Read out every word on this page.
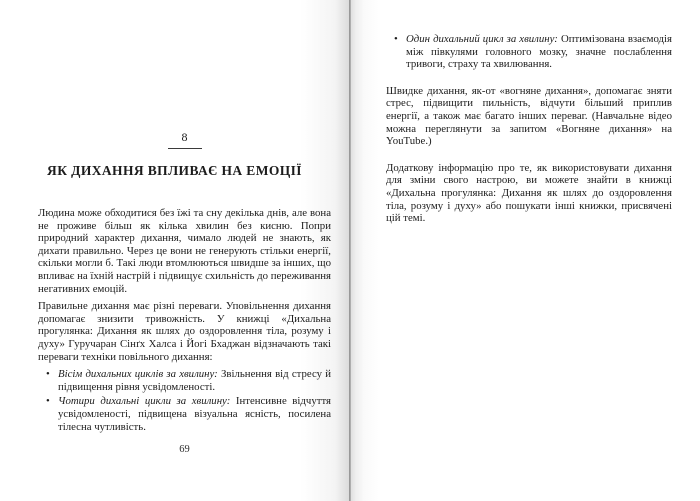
8
ЯК ДИХАННЯ ВПЛИВАЄ НА ЕМОЦІЇ

Людина може обходитися без їжі та сну декілька днів, але вона не проживе більш як кілька хвилин без кисню. Попри природний характер дихання, чимало людей не знають, як дихати правильно. Через це вони не генерують стільки енергії, скільки могли б. Такі люди втомлюються швидше за інших, що впливає на їхній настрій і підвищує схильність до переживання негативних емоцій.

Правильне дихання має різні переваги. Уповільнення дихання допомагає знизити тривожність. У книжці «Дихальна прогулянка: Дихання як шлях до оздоровлення тіла, розуму і духу» Гуручаран Сінґх Халса і Йогі Бхаджан відзначають такі переваги техніки повільного дихання:

• Вісім дихальних циклів за хвилину: Звільнення від стресу й підвищення рівня усвідомленості.
• Чотири дихальні цикли за хвилину: Інтенсивне відчуття усвідомленості, підвищена візуальна ясність, посилена тілесна чутливість.
69
• Один дихальний цикл за хвилину: Оптимізована взаємодія між півкулями головного мозку, значне послаблення тривоги, страху та хвилювання.

Швидке дихання, як-от «вогняне дихання», допомагає зняти стрес, підвищити пильність, відчути більший приплив енергії, а також має багато інших переваг. (Навчальне відео можна переглянути за запитом «Вогняне дихання» на YouTube.)

Додаткову інформацію про те, як використовувати дихання для зміни свого настрою, ви можете знайти в книжці «Дихальна прогулянка: Дихання як шлях до оздоровлення тіла, розуму і духу» або пошукати інші книжки, присвячені цій темі.
